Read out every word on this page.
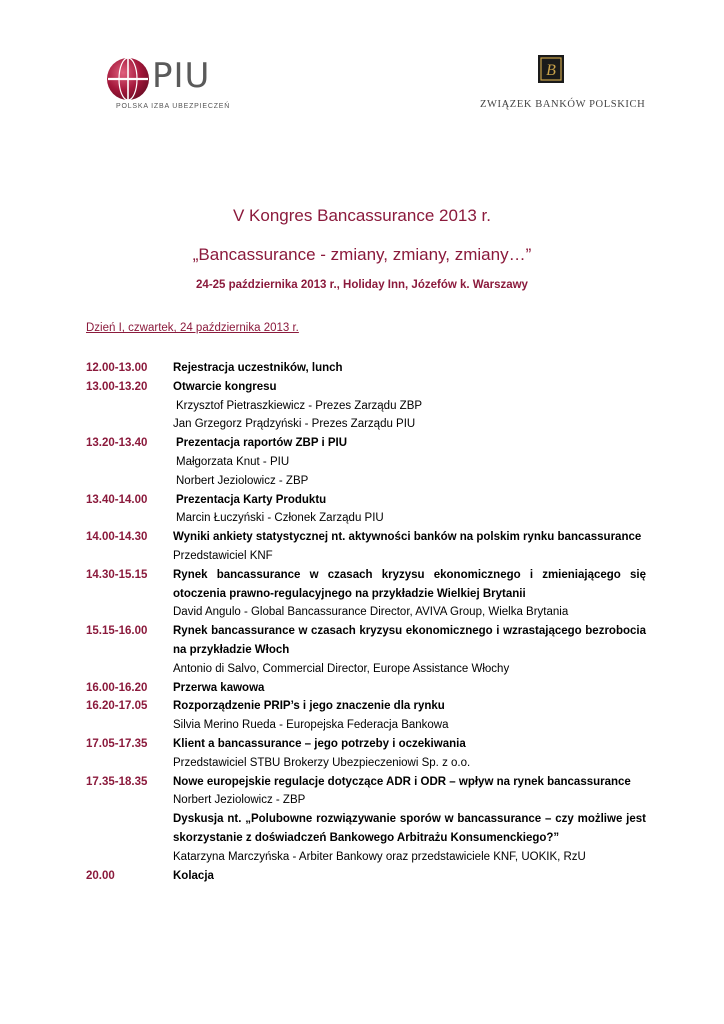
PIU
POLSKA IZBA UBEZPIECZEŃ
B
ZWIĄZEK BANKÓW POLSKICH
V Kongres Bancassurance 2013 r.
„Bancassurance - zmiany, zmiany, zmiany…”
24-25 października 2013 r., Holiday Inn, Józefów k. Warszawy
Dzień I, czwartek, 24 października 2013 r.
12.00-13.00 Rejestracja uczestników, lunch
13.00-13.20 Otwarcie kongresu
Krzysztof Pietraszkiewicz - Prezes Zarządu ZBP
Jan Grzegorz Prądzyński - Prezes Zarządu PIU
13.20-13.40 Prezentacja raportów ZBP i PIU
Małgorzata Knut - PIU
Norbert Jeziolowicz - ZBP
13.40-14.00 Prezentacja Karty Produktu
Marcin Łuczyński - Członek Zarządu PIU
14.00-14.30 Wyniki ankiety statystycznej nt. aktywności banków na polskim rynku bancassurance
Przedstawiciel KNF
14.30-15.15 Rynek bancassurance w czasach kryzysu ekonomicznego i zmieniającego się otoczenia prawno-regulacyjnego na przykładzie Wielkiej Brytanii
David Angulo - Global Bancassurance Director, AVIVA Group, Wielka Brytania
15.15-16.00 Rynek bancassurance w czasach kryzysu ekonomicznego i wzrastającego bezrobocia na przykładzie Włoch
Antonio di Salvo, Commercial Director, Europe Assistance Włochy
16.00-16.20 Przerwa kawowa
16.20-17.05 Rozporządzenie PRIP’s i jego znaczenie dla rynku
Silvia Merino Rueda - Europejska Federacja Bankowa
17.05-17.35 Klient a bancassurance – jego potrzeby i oczekiwania
Przedstawiciel STBU Brokerzy Ubezpieczeniowi Sp. z o.o.
17.35-18.35 Nowe europejskie regulacje dotyczące ADR i ODR – wpływ na rynek bancassurance
Norbert Jeziolowicz - ZBP
Dyskusja nt. „Polubowne rozwiązywanie sporów w bancassurance – czy możliwe jest skorzystanie z doświadczeń Bankowego Arbitrażu Konsumenckiego?”
Katarzyna Marczyńska - Arbiter Bankowy oraz przedstawiciele KNF, UOKIK, RzU
20.00	Kolacja
